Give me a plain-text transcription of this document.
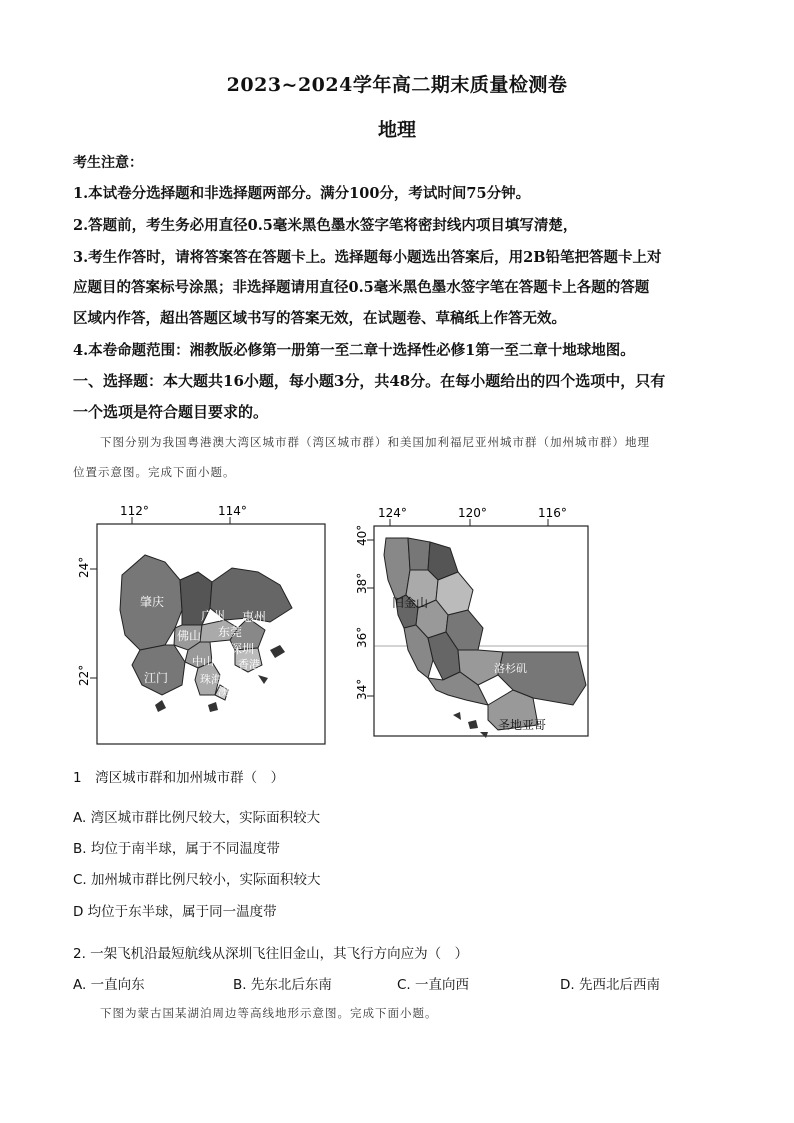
2023~2024学年高二期末质量检测卷
地理
考生注意：
1.本试卷分选择题和非选择题两部分。满分100分，考试时间75分钟。
2.答题前，考生务必用直径0.5毫米黑色墨水签字笔将密封线内项目填写清楚，
3.考生作答时，请将答案答在答题卡上。选择题每小题选出答案后，用2B铅笔把答题卡上对
应题目的答案标号涂黑；非选择题请用直径0.5毫米黑色墨水签字笔在答题卡上各题的答题
区域内作答，超出答题区域书写的答案无效，在试题卷、草稿纸上作答无效。
4.本卷命题范围：湘教版必修第一册第一至二章十选择性必修1第一至二章十地球地图。
一、选择题：本大题共16小题，每小题3分，共48分。在每小题给出的四个选项中，只有
一个选项是符合题目要求的。
下图分别为我国粤港澳大湾区城市群（湾区城市群）和美国加利福尼亚州城市群（加州城市群）地理
位置示意图。完成下面小题。
112°	114°
24°
22°
肇庆
广州 惠州
佛山 东莞
深圳
中山 香港
江门	珠海
澳门
124°	120°	116°
40°
38°
36°
34°
旧金山
洛杉矶
圣地亚哥
1　湾区城市群和加州城市群（　）
A. 湾区城市群比例尺较大，实际面积较大
B. 均位于南半球，属于不同温度带
C. 加州城市群比例尺较小，实际面积较大
D 均位于东半球，属于同一温度带
2. 一架飞机沿最短航线从深圳飞往旧金山，其飞行方向应为（　）
A. 一直向东	B. 先东北后东南	C. 一直向西	D. 先西北后西南
下图为蒙古国某湖泊周边等高线地形示意图。完成下面小题。
